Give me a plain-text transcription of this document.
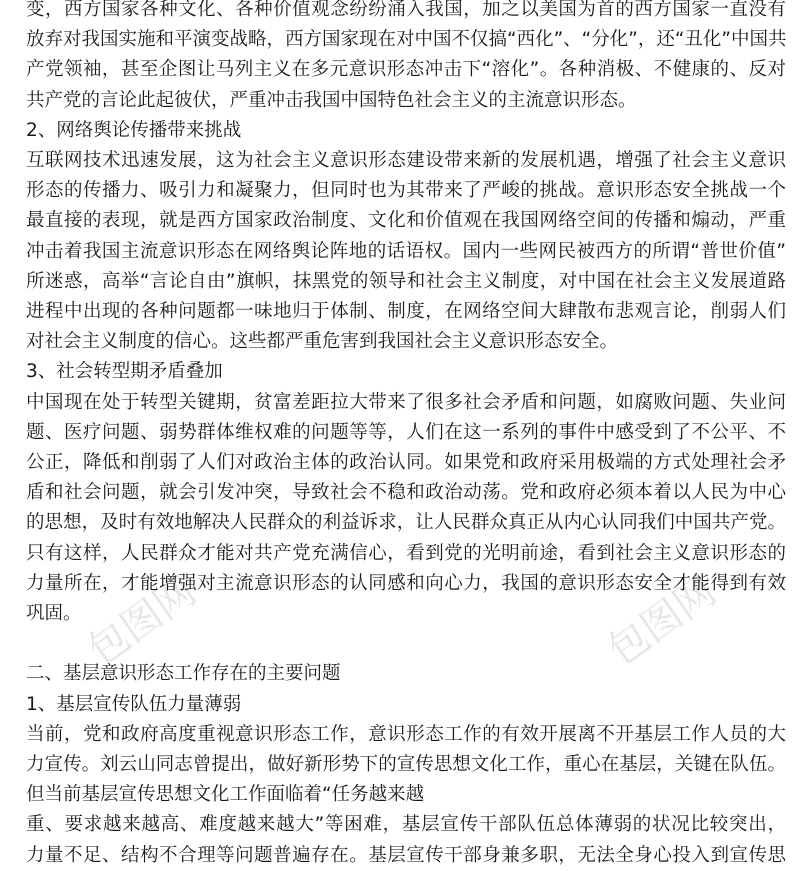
包图网	包图网
变，西方国家各种文化、各种价值观念纷纷涌入我国，加之以美国为首的西方国家一直没有
放弃对我国实施和平演变战略，西方国家现在对中国不仅搞“西化”、“分化”，还“丑化”中国共
产党领袖，甚至企图让马列主义在多元意识形态冲击下“溶化”。各种消极、不健康的、反对
共产党的言论此起彼伏，严重冲击我国中国特色社会主义的主流意识形态。
2、网络舆论传播带来挑战
互联网技术迅速发展，这为社会主义意识形态建设带来新的发展机遇，增强了社会主义意识
形态的传播力、吸引力和凝聚力，但同时也为其带来了严峻的挑战。意识形态安全挑战一个
最直接的表现，就是西方国家政治制度、文化和价值观在我国网络空间的传播和煽动，严重
冲击着我国主流意识形态在网络舆论阵地的话语权。国内一些网民被西方的所谓“普世价值”
所迷惑，高举“言论自由”旗帜，抹黑党的领导和社会主义制度，对中国在社会主义发展道路
进程中出现的各种问题都一味地归于体制、制度，在网络空间大肆散布悲观言论，削弱人们
对社会主义制度的信心。这些都严重危害到我国社会主义意识形态安全。
3、社会转型期矛盾叠加
中国现在处于转型关键期，贫富差距拉大带来了很多社会矛盾和问题，如腐败问题、失业问
题、医疗问题、弱势群体维权难的问题等等，人们在这一系列的事件中感受到了不公平、不
公正，降低和削弱了人们对政治主体的政治认同。如果党和政府采用极端的方式处理社会矛
盾和社会问题，就会引发冲突，导致社会不稳和政治动荡。党和政府必须本着以人民为中心
的思想，及时有效地解决人民群众的利益诉求，让人民群众真正从内心认同我们中国共产党。
只有这样，人民群众才能对共产党充满信心，看到党的光明前途，看到社会主义意识形态的
力量所在，才能增强对主流意识形态的认同感和向心力，我国的意识形态安全才能得到有效
巩固。
二、基层意识形态工作存在的主要问题
1、基层宣传队伍力量薄弱
当前，党和政府高度重视意识形态工作，意识形态工作的有效开展离不开基层工作人员的大
力宣传。刘云山同志曾提出，做好新形势下的宣传思想文化工作，重心在基层，关键在队伍。
但当前基层宣传思想文化工作面临着“任务越来越
重、要求越来越高、难度越来越大”等困难，基层宣传干部队伍总体薄弱的状况比较突出，
力量不足、结构不合理等问题普遍存在。基层宣传干部身兼多职，无法全身心投入到宣传思
